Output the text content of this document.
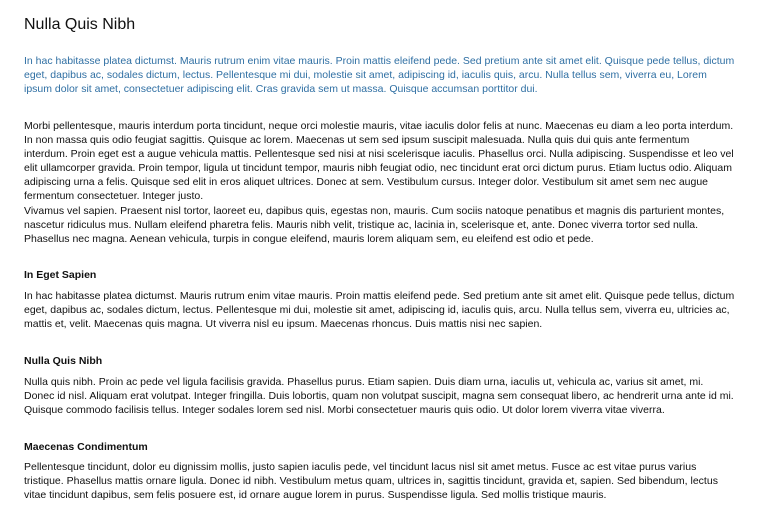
Nulla Quis Nibh

In hac habitasse platea dictumst. Mauris rutrum enim vitae mauris. Proin mattis eleifend pede. Sed pretium ante sit amet elit. Quisque pede tellus, dictum eget, dapibus ac, sodales dictum, lectus. Pellentesque mi dui, molestie sit amet, adipiscing id, iaculis quis, arcu. Nulla tellus sem, viverra eu, Lorem ipsum dolor sit amet, consectetuer adipiscing elit. Cras gravida sem ut massa. Quisque accumsan porttitor dui.

Morbi pellentesque, mauris interdum porta tincidunt, neque orci molestie mauris, vitae iaculis dolor felis at nunc. Maecenas eu diam a leo porta interdum. In non massa quis odio feugiat sagittis. Quisque ac lorem. Maecenas ut sem sed ipsum suscipit malesuada. Nulla quis dui quis ante fermentum interdum. Proin eget est a augue vehicula mattis. Pellentesque sed nisi at nisi scelerisque iaculis. Phasellus orci. Nulla adipiscing. Suspendisse et leo vel elit ullamcorper gravida. Proin tempor, ligula ut tincidunt tempor, mauris nibh feugiat odio, nec tincidunt erat orci dictum purus. Etiam luctus odio. Aliquam adipiscing urna a felis. Quisque sed elit in eros aliquet ultrices. Donec at sem. Vestibulum cursus. Integer dolor. Vestibulum sit amet sem nec augue fermentum consectetuer. Integer justo.

Vivamus vel sapien. Praesent nisl tortor, laoreet eu, dapibus quis, egestas non, mauris. Cum sociis natoque penatibus et magnis dis parturient montes, nascetur ridiculus mus. Nullam eleifend pharetra felis. Mauris nibh velit, tristique ac, lacinia in, scelerisque et, ante. Donec viverra tortor sed nulla. Phasellus nec magna. Aenean vehicula, turpis in congue eleifend, mauris lorem aliquam sem, eu eleifend est odio et pede.

In Eget Sapien

In hac habitasse platea dictumst. Mauris rutrum enim vitae mauris. Proin mattis eleifend pede. Sed pretium ante sit amet elit. Quisque pede tellus, dictum eget, dapibus ac, sodales dictum, lectus. Pellentesque mi dui, molestie sit amet, adipiscing id, iaculis quis, arcu. Nulla tellus sem, viverra eu, ultricies ac, mattis et, velit. Maecenas quis magna. Ut viverra nisl eu ipsum. Maecenas rhoncus. Duis mattis nisi nec sapien.

Nulla Quis Nibh

Nulla quis nibh. Proin ac pede vel ligula facilisis gravida. Phasellus purus. Etiam sapien. Duis diam urna, iaculis ut, vehicula ac, varius sit amet, mi. Donec id nisl. Aliquam erat volutpat. Integer fringilla. Duis lobortis, quam non volutpat suscipit, magna sem consequat libero, ac hendrerit urna ante id mi. Quisque commodo facilisis tellus. Integer sodales lorem sed nisl. Morbi consectetuer mauris quis odio. Ut dolor lorem viverra vitae viverra.

Maecenas Condimentum

Pellentesque tincidunt, dolor eu dignissim mollis, justo sapien iaculis pede, vel tincidunt lacus nisl sit amet metus. Fusce ac est vitae purus varius tristique. Phasellus mattis ornare ligula. Donec id nibh. Vestibulum metus quam, ultrices in, sagittis tincidunt, gravida et, sapien. Sed bibendum, lectus vitae tincidunt dapibus, sem felis posuere est, id ornare augue lorem in purus. Suspendisse ligula. Sed mollis tristique mauris.
